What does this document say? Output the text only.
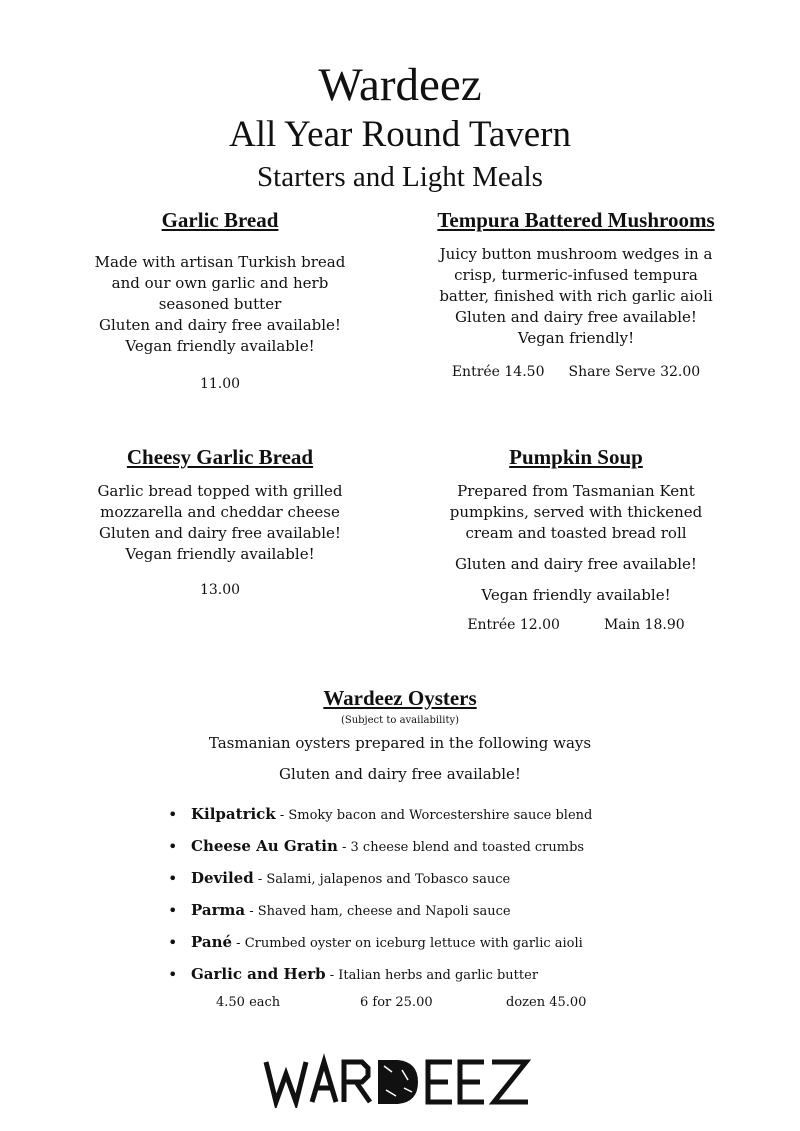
Wardeez
All Year Round Tavern
Starters and Light Meals
Garlic Bread

Made with artisan Turkish bread

and our own garlic and herb

seasoned butter

Gluten and dairy free available!

Vegan friendly available!

11.00

Tempura Battered Mushrooms

Juicy button mushroom wedges in a

crisp, turmeric-infused tempura

batter, finished with rich garlic aioli

Gluten and dairy free available!

Vegan friendly!

Entrée 14.50 Share Serve 32.00

Cheesy Garlic Bread

Garlic bread topped with grilled

mozzarella and cheddar cheese

Gluten and dairy free available!

Vegan friendly available!

13.00

Pumpkin Soup

Prepared from Tasmanian Kent

pumpkins, served with thickened

cream and toasted bread roll

Gluten and dairy free available!

Vegan friendly available!

Entrée 12.00	Main 18.90

Wardeez Oysters

(Subject to availability)

Tasmanian oysters prepared in the following ways

Gluten and dairy free available!

• Kilpatrick - Smoky bacon and Worcestershire sauce blend
• Cheese Au Gratin - 3 cheese blend and toasted crumbs
• Deviled - Salami, jalapenos and Tobasco sauce
• Parma - Shaved ham, cheese and Napoli sauce
• Pané - Crumbed oyster on iceburg lettuce with garlic aioli
• Garlic and Herb - Italian herbs and garlic butter
4.50 each	6 for 25.00	dozen 45.00
